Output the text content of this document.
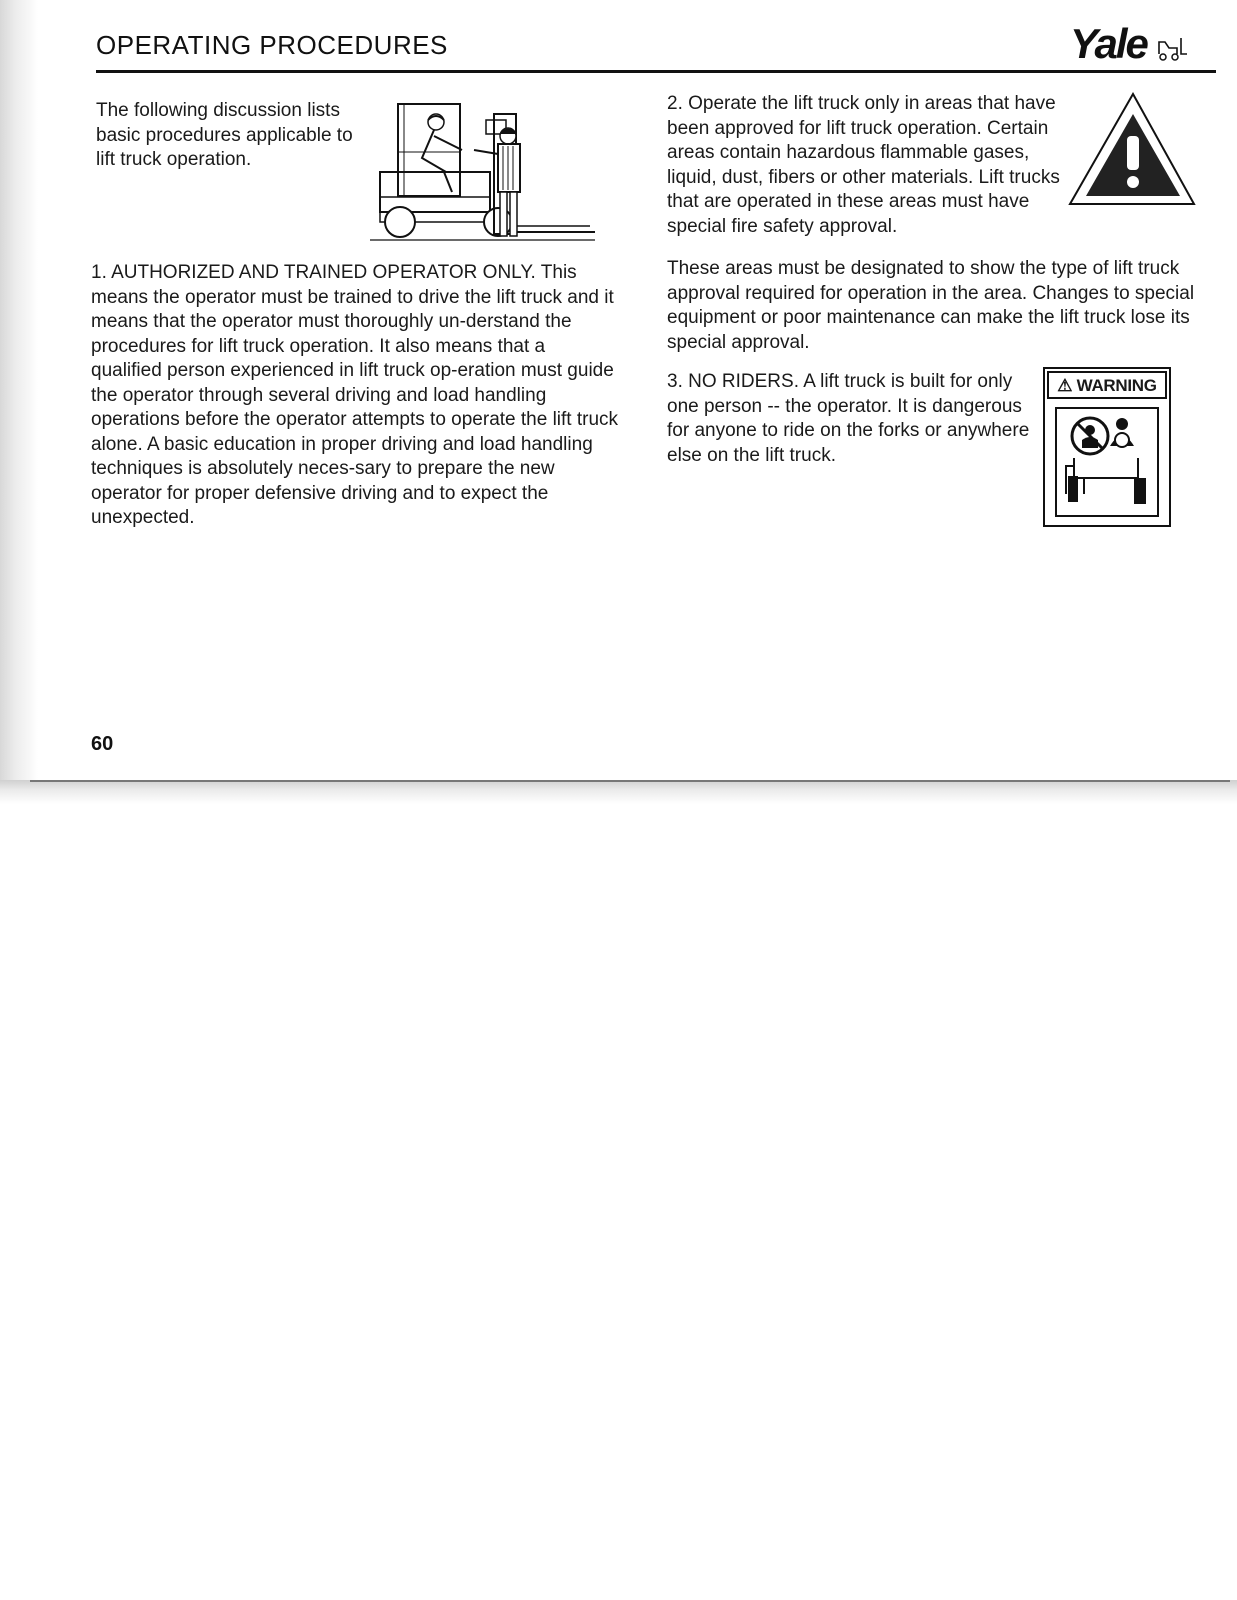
OPERATING PROCEDURES	Yale

The following discussion lists basic procedures applicable to lift truck operation.

1. AUTHORIZED AND TRAINED OPERATOR ONLY. This means the operator must be trained to drive the lift truck and it means that the operator must thoroughly un-derstand the procedures for lift truck operation. It also means that a qualified person experienced in lift truck op-eration must guide the operator through several driving and load handling operations before the operator attempts to operate the lift truck alone. A basic education in proper driving and load handling techniques is absolutely neces-sary to prepare the new operator for proper defensive driving and to expect the unexpected.

2. Operate the lift truck only in areas that have been approved for lift truck operation. Certain areas contain hazardous flammable gases, liquid, dust, fibers or other materials. Lift trucks that are operated in these areas must have special fire safety approval.

These areas must be designated to show the type of lift truck approval required for operation in the area. Changes to special equipment or poor maintenance can make the lift truck lose its special approval.

3. NO RIDERS. A lift truck is built for only one person -- the operator. It is dangerous for anyone to ride on the forks or anywhere else on the lift truck.

⚠ WARNING
60
